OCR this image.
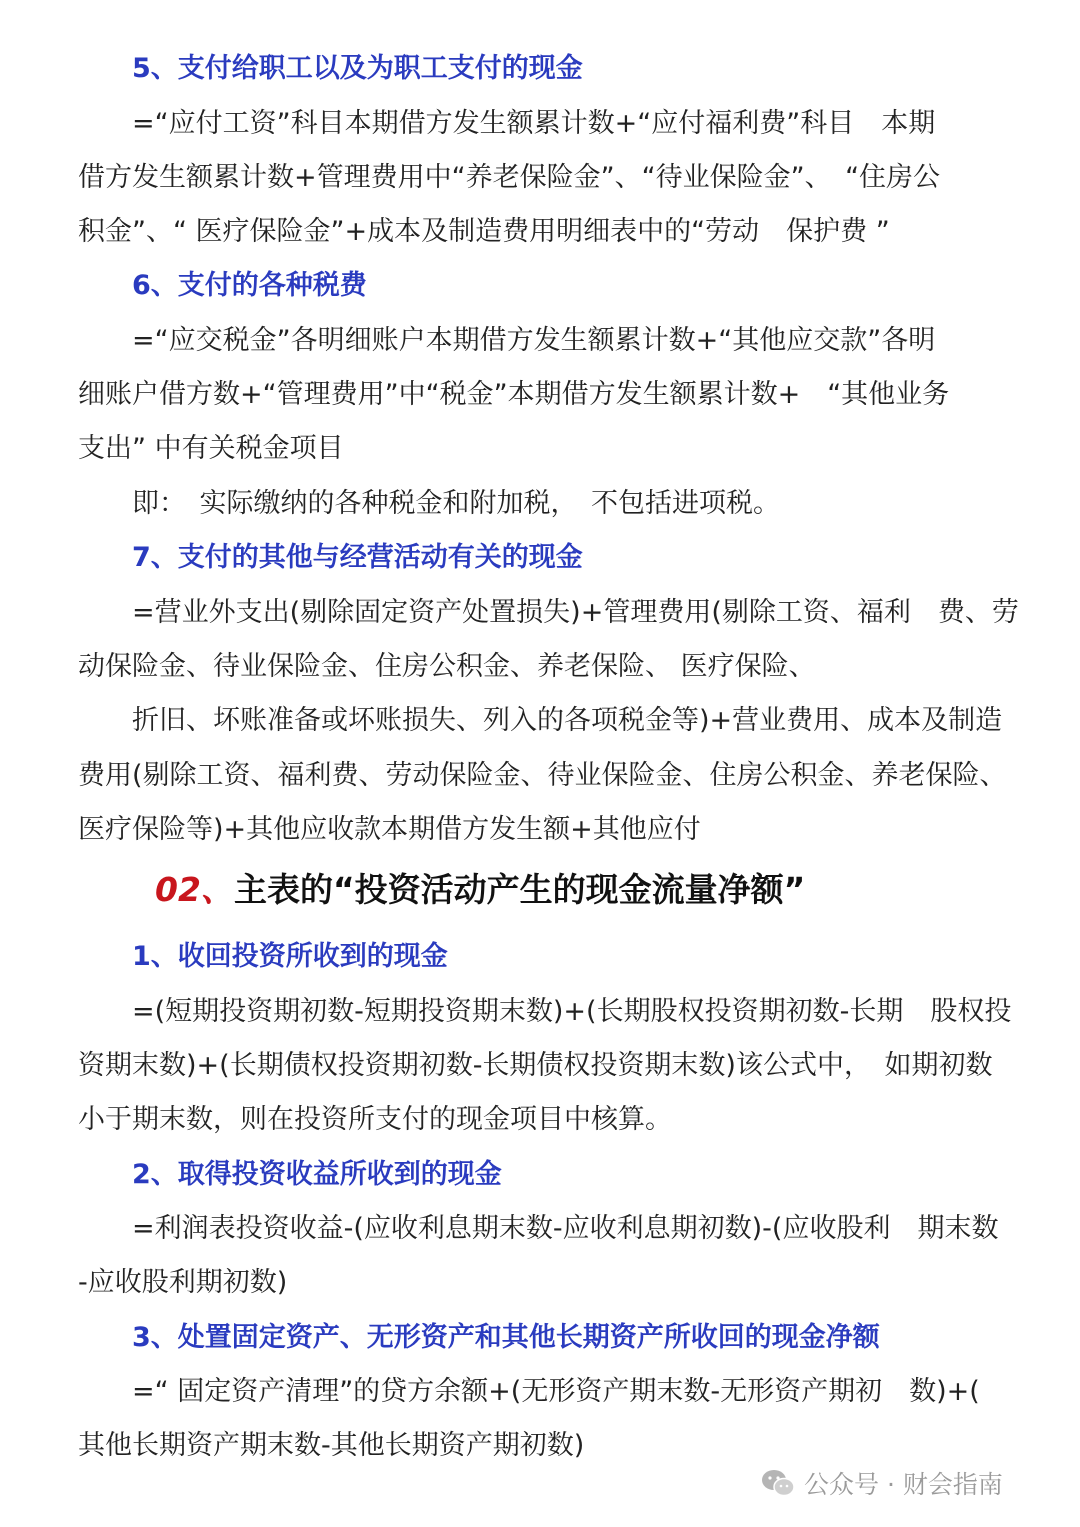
5、支付给职工以及为职工支付的现金

=“应付工资”科目本期借方发生额累计数+“应付福利费”科目　本期

借方发生额累计数+管理费用中“养老保险金”、“待业保险金”、　“住房公

积金”、“ 医疗保险金”+成本及制造费用明细表中的“劳动　保护费 ”

6、支付的各种税费

=“应交税金”各明细账户本期借方发生额累计数+“其他应交款”各明

细账户借方数+“管理费用”中“税金”本期借方发生额累计数+　“其他业务

支出” 中有关税金项目

即：　实际缴纳的各种税金和附加税，　不包括进项税。

7、支付的其他与经营活动有关的现金

=营业外支出(剔除固定资产处置损失)+管理费用(剔除工资、福利　费、劳

动保险金、待业保险金、住房公积金、养老保险、 医疗保险、

折旧、坏账准备或坏账损失、列入的各项税金等)+营业费用、成本及制造

费用(剔除工资、福利费、劳动保险金、待业保险金、住房公积金、养老保险、

医疗保险等)+其他应收款本期借方发生额+其他应付

02、主表的“投资活动产生的现金流量净额”

1、收回投资所收到的现金

=(短期投资期初数-短期投资期末数)+(长期股权投资期初数-长期　股权投

资期末数)+(长期债权投资期初数-长期债权投资期末数)该公式中，　如期初数

小于期末数，则在投资所支付的现金项目中核算。

2、取得投资收益所收到的现金

=利润表投资收益-(应收利息期末数-应收利息期初数)-(应收股利　期末数

-应收股利期初数)

3、处置固定资产、无形资产和其他长期资产所收回的现金净额

=“ 固定资产清理”的贷方余额+(无形资产期末数-无形资产期初　数)+(

其他长期资产期末数-其他长期资产期初数)

公众号 · 财会指南
